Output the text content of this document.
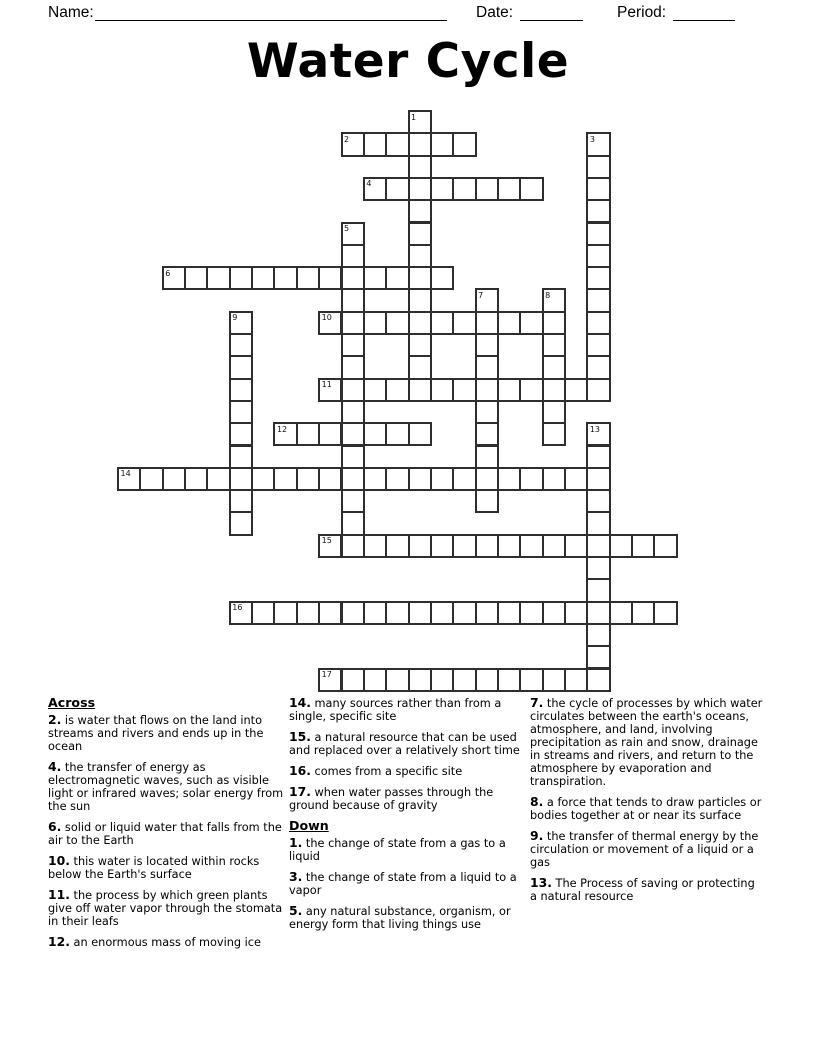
Name:	Date:	Period:
Water Cycle
1
2	3
4
5
6
7	8
9	10
11
12	13
14
15
16
17
Across
2. is water that flows on the land into streams and rivers and ends up in the ocean
4. the transfer of energy as electromagnetic waves, such as visible light or infrared waves; solar energy from the sun
6. solid or liquid water that falls from the air to the Earth
10. this water is located within rocks below the Earth's surface
11. the process by which green plants give off water vapor through the stomata in their leafs
12. an enormous mass of moving ice
14. many sources rather than from a single, specific site
15. a natural resource that can be used and replaced over a relatively short time
16. comes from a specific site
17. when water passes through the ground because of gravity
Down
1. the change of state from a gas to a liquid
3. the change of state from a liquid to a vapor
5. any natural substance, organism, or energy form that living things use
7. the cycle of processes by which water circulates between the earth's oceans, atmosphere, and land, involving precipitation as rain and snow, drainage in streams and rivers, and return to the atmosphere by evaporation and transpiration.
8. a force that tends to draw particles or bodies together at or near its surface
9. the transfer of thermal energy by the circulation or movement of a liquid or a gas
13. The Process of saving or protecting a natural resource
